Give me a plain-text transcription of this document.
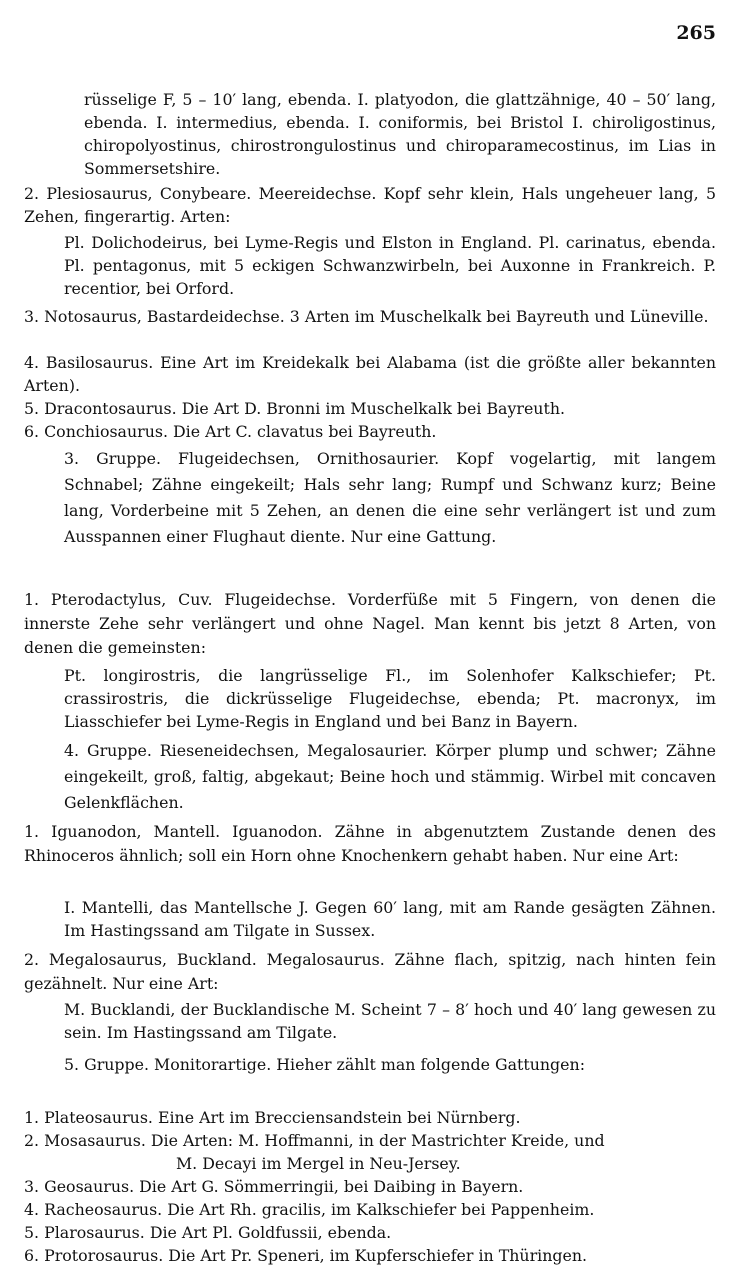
265

rüsselige F, 5 – 10′ lang, ebenda. I. platyodon, die glattzähnige, 40 – 50′ lang, ebenda. I. intermedius, ebenda. I. coniformis, bei Bristol I. chiroligostinus, chiropolyostinus, chirostrongulostinus und chiroparamecostinus, im Lias in Sommersetshire.

2. Plesiosaurus, Conybeare. Meereidechse. Kopf sehr klein, Hals ungeheuer lang, 5 Zehen, fingerartig. Arten:

Pl. Dolichodeirus, bei Lyme-Regis und Elston in England. Pl. carinatus, ebenda. Pl. pentagonus, mit 5 eckigen Schwanzwirbeln, bei Auxonne in Frankreich. P. recentior, bei Orford.

3. Notosaurus, Bastardeidechse. 3 Arten im Muschelkalk bei Bayreuth und Lüneville.

4. Basilosaurus. Eine Art im Kreidekalk bei Alabama (ist die größte aller bekannten Arten).

5. Dracontosaurus. Die Art D. Bronni im Muschelkalk bei Bayreuth.

6. Conchiosaurus. Die Art C. clavatus bei Bayreuth.

3. Gruppe. Flugeidechsen, Ornithosaurier. Kopf vogelartig, mit langem Schnabel; Zähne eingekeilt; Hals sehr lang; Rumpf und Schwanz kurz; Beine lang, Vorderbeine mit 5 Zehen, an denen die eine sehr verlängert ist und zum Ausspannen einer Flughaut diente. Nur eine Gattung.

1. Pterodactylus, Cuv. Flugeidechse. Vorderfüße mit 5 Fingern, von denen die innerste Zehe sehr verlängert und ohne Nagel. Man kennt bis jetzt 8 Arten, von denen die gemeinsten:

Pt. longirostris, die langrüsselige Fl., im Solenhofer Kalkschiefer; Pt. crassirostris, die dickrüsselige Flugeidechse, ebenda; Pt. macronyx, im Liasschiefer bei Lyme-Regis in England und bei Banz in Bayern.

4. Gruppe. Rieseneidechsen, Megalosaurier. Körper plump und schwer; Zähne eingekeilt, groß, faltig, abgekaut; Beine hoch und stämmig. Wirbel mit concaven Gelenkflächen.

1. Iguanodon, Mantell. Iguanodon. Zähne in abgenutztem Zustande denen des Rhinoceros ähnlich; soll ein Horn ohne Knochenkern gehabt haben. Nur eine Art:

I. Mantelli, das Mantellsche J. Gegen 60′ lang, mit am Rande gesägten Zähnen. Im Hastingssand am Tilgate in Sussex.

2. Megalosaurus, Buckland. Megalosaurus. Zähne flach, spitzig, nach hinten fein gezähnelt. Nur eine Art:

M. Bucklandi, der Bucklandische M. Scheint 7 – 8′ hoch und 40′ lang gewesen zu sein. Im Hastingssand am Tilgate.

5. Gruppe. Monitorartige. Hieher zählt man folgende Gattungen:

1. Plateosaurus. Eine Art im Brecciensandstein bei Nürnberg.

2. Mosasaurus. Die Arten: M. Hoffmanni, in der Mastrichter Kreide, und

M. Decayi im Mergel in Neu-Jersey.

3. Geosaurus. Die Art G. Sömmerringii, bei Daibing in Bayern.

4. Racheosaurus. Die Art Rh. gracilis, im Kalkschiefer bei Pappenheim.

5. Plarosaurus. Die Art Pl. Goldfussii, ebenda.

6. Protorosaurus. Die Art Pr. Speneri, im Kupferschiefer in Thüringen.
